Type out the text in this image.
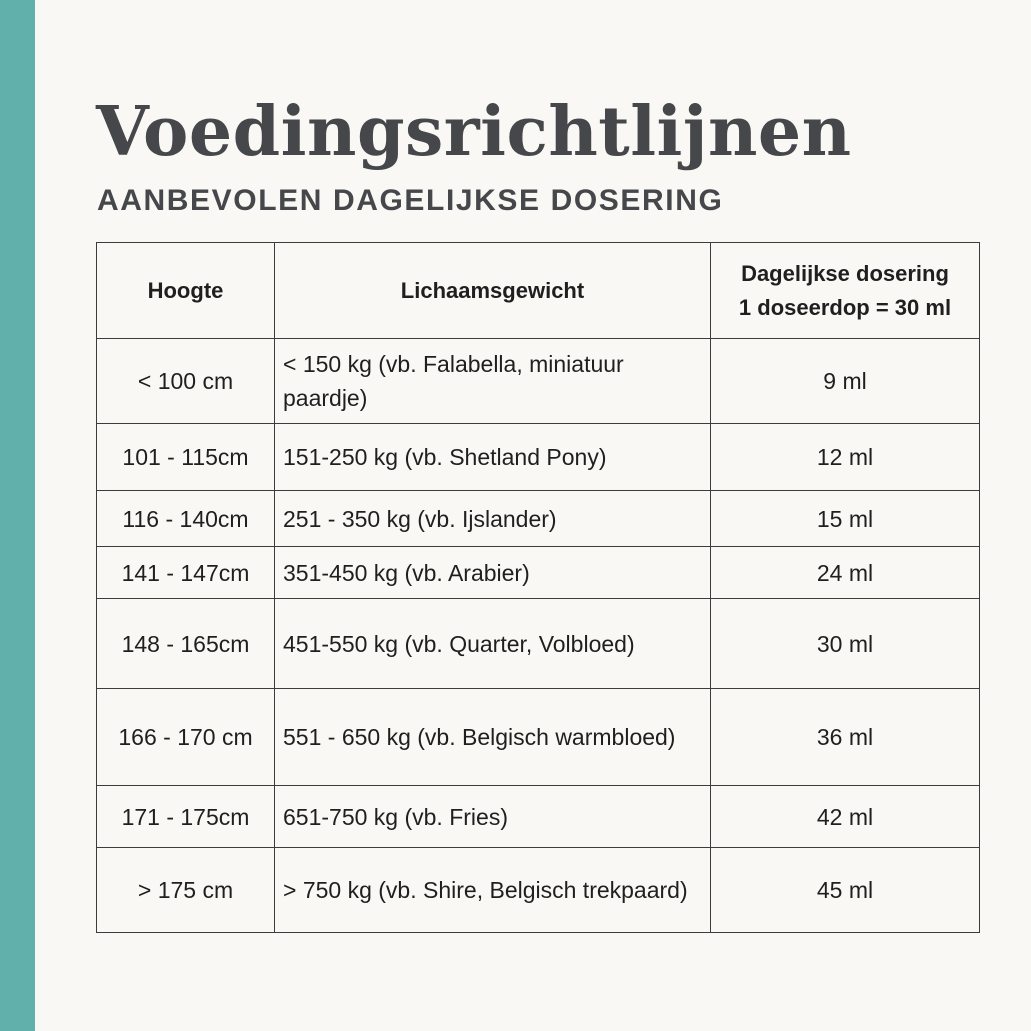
Voedingsrichtlijnen
AANBEVOLEN DAGELIJKSE DOSERING
Hoogte	Lichaamsgewicht	Dagelijkse dosering
1 doseerdop = 30 ml

< 100 cm	< 150 kg (vb. Falabella, miniatuur paardje)	9 ml
101 - 115cm	151-250 kg (vb. Shetland Pony)	12 ml
116 - 140cm	251 - 350 kg (vb. Ijslander)	15 ml
141 - 147cm	351-450 kg (vb. Arabier)	24 ml
148 - 165cm	451-550 kg (vb. Quarter, Volbloed)	30 ml
166 - 170 cm	551 - 650 kg (vb. Belgisch warmbloed)	36 ml
171 - 175cm	651-750 kg (vb. Fries)	42 ml
> 175 cm	> 750 kg (vb. Shire, Belgisch trekpaard)	45 ml
